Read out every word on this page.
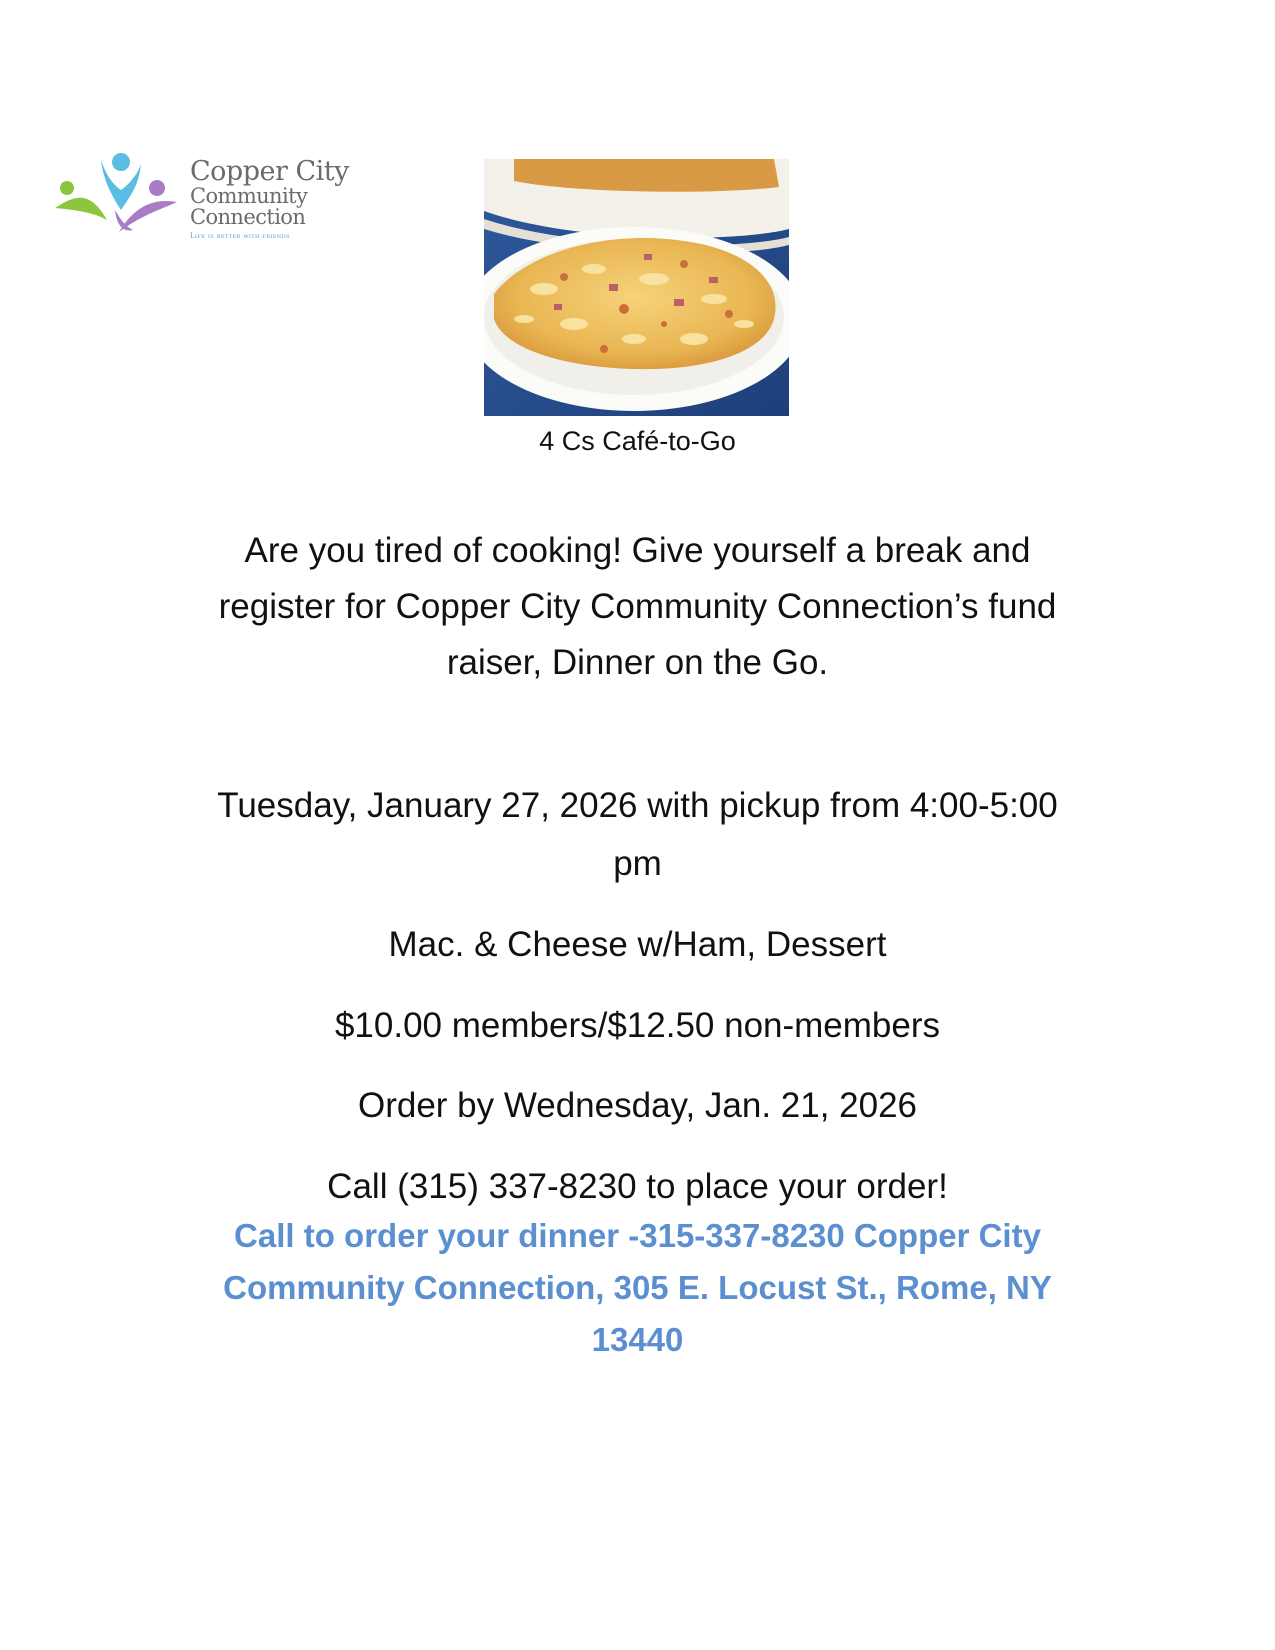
Copper City
Community Connection
Life is better with friends
4 Cs Café-to-Go
Are you tired of cooking! Give yourself a break and
register for Copper City Community Connection’s fund
raiser, Dinner on the Go.
Tuesday, January 27, 2026 with pickup from 4:00-5:00
pm
Mac. & Cheese w/Ham, Dessert
$10.00 members/$12.50 non-members
Order by Wednesday, Jan. 21, 2026
Call (315) 337-8230 to place your order!
Call to order your dinner -315-337-8230 Copper City
Community Connection, 305 E. Locust St., Rome, NY
13440
